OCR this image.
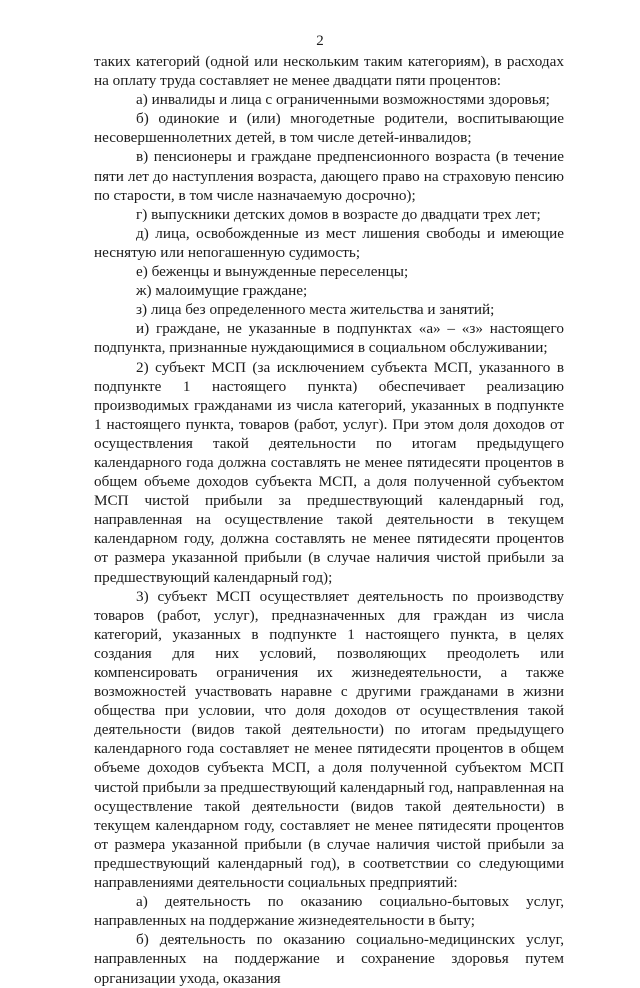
2

таких категорий (одной или нескольким таким категориям), в расходах на оплату труда составляет не менее двадцати пяти процентов:

а) инвалиды и лица с ограниченными возможностями здоровья;

б) одинокие и (или) многодетные родители, воспитывающие несовершеннолетних детей, в том числе детей-инвалидов;

в) пенсионеры и граждане предпенсионного возраста (в течение пяти лет до наступления возраста, дающего право на страховую пенсию по старости, в том числе назначаемую досрочно);

г) выпускники детских домов в возрасте до двадцати трех лет;

д) лица, освобожденные из мест лишения свободы и имеющие неснятую или непогашенную судимость;

е) беженцы и вынужденные переселенцы;

ж) малоимущие граждане;

з) лица без определенного места жительства и занятий;

и) граждане, не указанные в подпунктах «а» – «з» настоящего подпункта, признанные нуждающимися в социальном обслуживании;

2) субъект МСП (за исключением субъекта МСП, указанного в подпункте 1 настоящего пункта) обеспечивает реализацию производимых гражданами из числа категорий, указанных в подпункте 1 настоящего пункта, товаров (работ, услуг). При этом доля доходов от осуществления такой деятельности по итогам предыдущего календарного года должна составлять не менее пятидесяти процентов в общем объеме доходов субъекта МСП, а доля полученной субъектом МСП чистой прибыли за предшествующий календарный год, направленная на осуществление такой деятельности в текущем календарном году, должна составлять не менее пятидесяти процентов от размера указанной прибыли (в случае наличия чистой прибыли за предшествующий календарный год);

3) субъект МСП осуществляет деятельность по производству товаров (работ, услуг), предназначенных для граждан из числа категорий, указанных в подпункте 1 настоящего пункта, в целях создания для них условий, позволяющих преодолеть или компенсировать ограничения их жизнедеятельности, а также возможностей участвовать наравне с другими гражданами в жизни общества при условии, что доля доходов от осуществления такой деятельности (видов такой деятельности) по итогам предыдущего календарного года составляет не менее пятидесяти процентов в общем объеме доходов субъекта МСП, а доля полученной субъектом МСП чистой прибыли за предшествующий календарный год, направленная на осуществление такой деятельности (видов такой деятельности) в текущем календарном году, составляет не менее пятидесяти процентов от размера указанной прибыли (в случае наличия чистой прибыли за предшествующий календарный год), в соответствии со следующими направлениями деятельности социальных предприятий:

а) деятельность по оказанию социально-бытовых услуг, направленных на поддержание жизнедеятельности в быту;

б) деятельность по оказанию социально-медицинских услуг, направленных на поддержание и сохранение здоровья путем организации ухода, оказания
